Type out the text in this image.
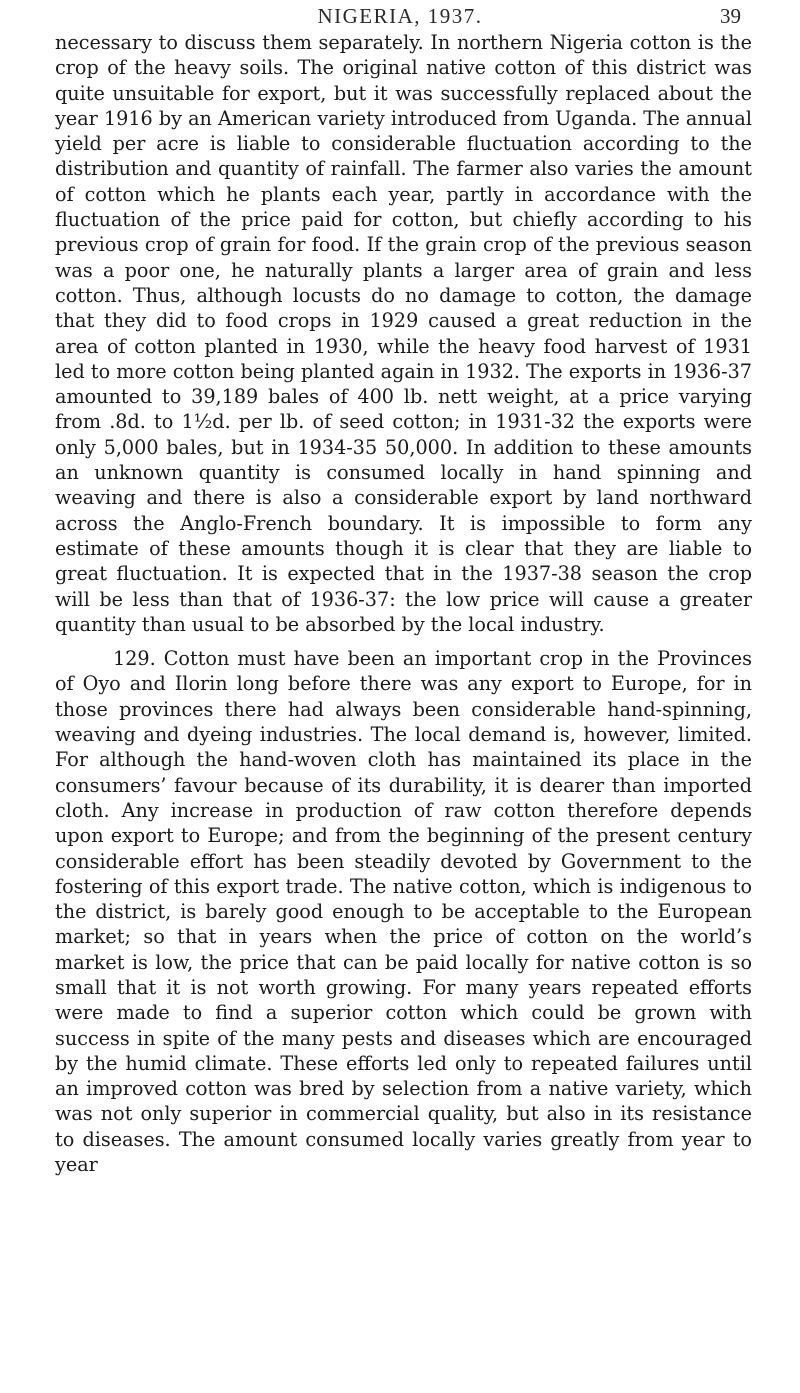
NIGERIA, 1937.	39

necessary to discuss them separately. In northern Nigeria cotton is the crop of the heavy soils. The original native cotton of this district was quite unsuitable for export, but it was successfully replaced about the year 1916 by an American variety introduced from Uganda. The annual yield per acre is liable to considerable fluctuation according to the distribution and quantity of rainfall. The farmer also varies the amount of cotton which he plants each year, partly in accordance with the fluctuation of the price paid for cotton, but chiefly according to his previous crop of grain for food. If the grain crop of the previous season was a poor one, he naturally plants a larger area of grain and less cotton. Thus, although locusts do no damage to cotton, the damage that they did to food crops in 1929 caused a great reduction in the area of cotton planted in 1930, while the heavy food harvest of 1931 led to more cotton being planted again in 1932. The exports in 1936-37 amounted to 39,189 bales of 400 lb. nett weight, at a price varying from .8d. to 1½d. per lb. of seed cotton; in 1931-32 the exports were only 5,000 bales, but in 1934-35 50,000. In addition to these amounts an unknown quantity is consumed locally in hand spinning and weaving and there is also a considerable export by land northward across the Anglo-French boundary. It is impossible to form any estimate of these amounts though it is clear that they are liable to great fluctuation. It is expected that in the 1937-38 season the crop will be less than that of 1936-37: the low price will cause a greater quantity than usual to be absorbed by the local industry.

129. Cotton must have been an important crop in the Provinces of Oyo and Ilorin long before there was any export to Europe, for in those provinces there had always been considerable hand-spinning, weaving and dyeing industries. The local demand is, however, limited. For although the hand-woven cloth has maintained its place in the consumers’ favour because of its durability, it is dearer than imported cloth. Any increase in production of raw cotton therefore depends upon export to Europe; and from the beginning of the present century considerable effort has been steadily devoted by Government to the fostering of this export trade. The native cotton, which is indigenous to the district, is barely good enough to be acceptable to the European market; so that in years when the price of cotton on the world’s market is low, the price that can be paid locally for native cotton is so small that it is not worth growing. For many years repeated efforts were made to find a superior cotton which could be grown with success in spite of the many pests and diseases which are encouraged by the humid climate. These efforts led only to repeated failures until an improved cotton was bred by selection from a native variety, which was not only superior in commercial quality, but also in its resistance to diseases. The amount consumed locally varies greatly from year to year
